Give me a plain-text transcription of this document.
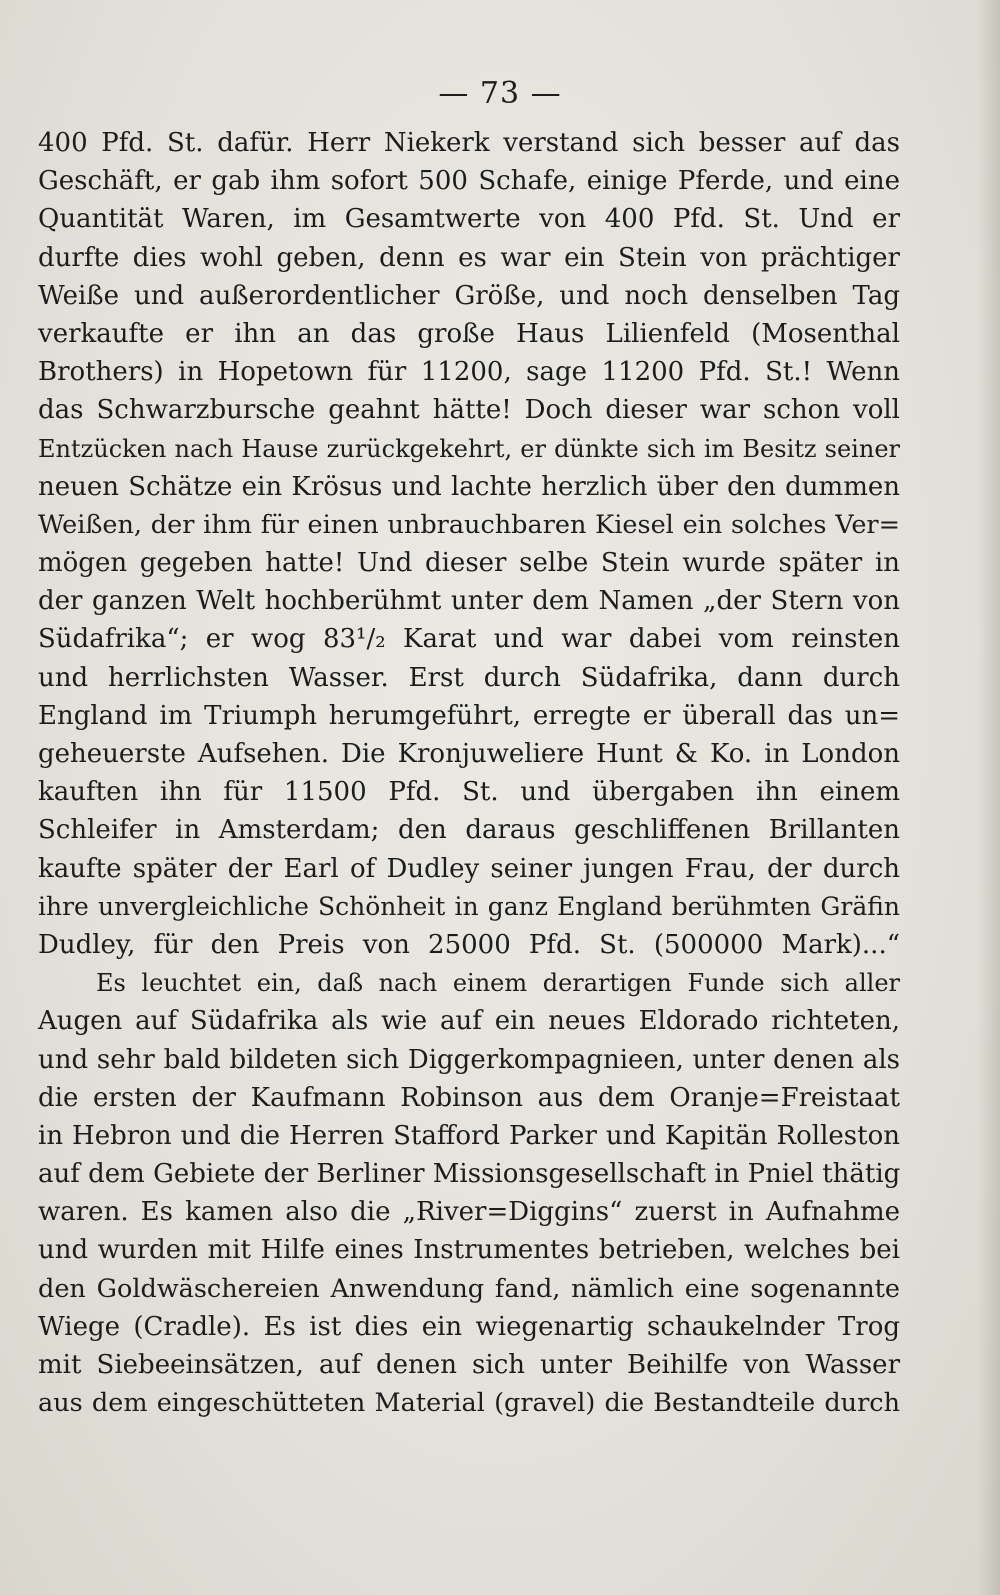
— 73 —
400 Pfd. St. dafür. Herr Niekerk verstand sich besser auf das
Geschäft, er gab ihm sofort 500 Schafe, einige Pferde, und eine
Quantität Waren, im Gesamtwerte von 400 Pfd. St. Und er
durfte dies wohl geben, denn es war ein Stein von prächtiger
Weiße und außerordentlicher Größe, und noch denselben Tag
verkaufte er ihn an das große Haus Lilienfeld (Mosenthal
Brothers) in Hopetown für 11200, sage 11200 Pfd. St.! Wenn
das Schwarzbursche geahnt hätte! Doch dieser war schon voll
Entzücken nach Hause zurückgekehrt, er dünkte sich im Besitz seiner
neuen Schätze ein Krösus und lachte herzlich über den dummen
Weißen, der ihm für einen unbrauchbaren Kiesel ein solches Ver=
mögen gegeben hatte! Und dieser selbe Stein wurde später in
der ganzen Welt hochberühmt unter dem Namen „der Stern von
Südafrika“; er wog 83¹/₂ Karat und war dabei vom reinsten
und herrlichsten Wasser. Erst durch Südafrika, dann durch
England im Triumph herumgeführt, erregte er überall das un=
geheuerste Aufsehen. Die Kronjuweliere Hunt & Ko. in London
kauften ihn für 11500 Pfd. St. und übergaben ihn einem
Schleifer in Amsterdam; den daraus geschliffenen Brillanten
kaufte später der Earl of Dudley seiner jungen Frau, der durch
ihre unvergleichliche Schönheit in ganz England berühmten Gräfin
Dudley, für den Preis von 25000 Pfd. St. (500000 Mark)...“
Es leuchtet ein, daß nach einem derartigen Funde sich aller
Augen auf Südafrika als wie auf ein neues Eldorado richteten,
und sehr bald bildeten sich Diggerkompagnieen, unter denen als
die ersten der Kaufmann Robinson aus dem Oranje=Freistaat
in Hebron und die Herren Stafford Parker und Kapitän Rolleston
auf dem Gebiete der Berliner Missionsgesellschaft in Pniel thätig
waren. Es kamen also die „River=Diggins“ zuerst in Aufnahme
und wurden mit Hilfe eines Instrumentes betrieben, welches bei
den Goldwäschereien Anwendung fand, nämlich eine sogenannte
Wiege (Cradle). Es ist dies ein wiegenartig schaukelnder Trog
mit Siebeeinsätzen, auf denen sich unter Beihilfe von Wasser
aus dem eingeschütteten Material (gravel) die Bestandteile durch
